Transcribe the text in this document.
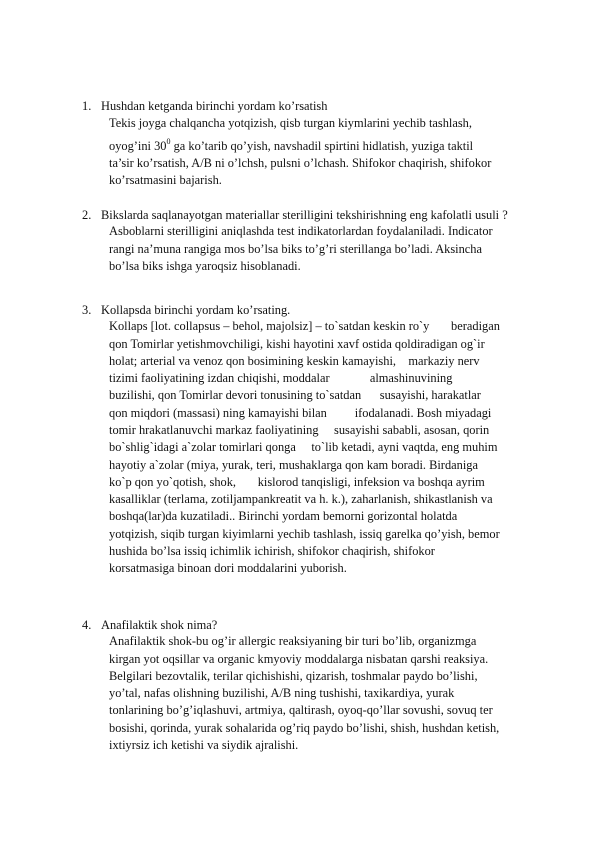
1. Hushdan ketganda birinchi yordam ko’rsatish

Tekis joyga chalqancha yotqizish, qisb turgan kiymlarini yechib tashlash,

oyog’ini $30^0$ ga ko’tarib qo’yish, navshadil spirtini hidlatish, yuziga taktil

ta’sir ko’rsatish, A/B ni o’lchsh, pulsni o’lchash. Shifokor chaqirish, shifokor

ko’rsatmasini bajarish.

2. Bikslarda saqlanayotgan materiallar sterilligini tekshirishning eng kafolatli usuli ?

Asboblarni sterilligini aniqlashda test indikatorlardan foydalaniladi. Indicator

rangi na’muna rangiga mos bo’lsa biks to’g’ri sterillanga bo’ladi. Aksincha

bo’lsa biks ishga yaroqsiz hisoblanadi.

3. Kollapsda birinchi yordam ko’rsating.

Kollaps [lot. collapsus – behol, majolsiz] – to`satdan keskin ro`y       beradigan

qon Tomirlar yetishmovchiligi, kishi hayotini xavf ostida qoldiradigan og`ir

holat; arterial va venoz qon bosimining keskin kamayishi,    markaziy nerv

tizimi faoliyatining izdan chiqishi, moddalar             almashinuvining

buzilishi, qon Tomirlar devori tonusining to`satdan      susayishi, harakatlar

qon miqdori (massasi) ning kamayishi bilan         ifodalanadi. Bosh miyadagi

tomir hrakatlanuvchi markaz faoliyatining     susayishi sababli, asosan, qorin

bo`shlig`idagi a`zolar tomirlari qonga     to`lib ketadi, ayni vaqtda, eng muhim

hayotiy a`zolar (miya, yurak, teri, mushaklarga qon kam boradi. Birdaniga

ko`p qon yo`qotish, shok,       kislorod tanqisligi, infeksion va boshqa ayrim

kasalliklar (terlama, zotiljampankreatit va h. k.), zaharlanish, shikastlanish va

boshqa(lar)da kuzatiladi.. Birinchi yordam bemorni gorizontal holatda

yotqizish, siqib turgan kiyimlarni yechib tashlash, issiq garelka qo’yish, bemor

hushida bo’lsa issiq ichimlik ichirish, shifokor chaqirish, shifokor

korsatmasiga binoan dori moddalarini yuborish.

4. Anafilaktik shok nima?

Anafilaktik shok-bu og’ir allergic reaksiyaning bir turi bo’lib, organizmga

kirgan yot oqsillar va organic kmyoviy moddalarga nisbatan qarshi reaksiya.

Belgilari bezovtalik, terilar qichishishi, qizarish, toshmalar paydo bo’lishi,

yo’tal, nafas olishning buzilishi, A/B ning tushishi, taxikardiya, yurak

tonlarining bo’g’iqlashuvi, artmiya, qaltirash, oyoq-qo’llar sovushi, sovuq ter

bosishi, qorinda, yurak sohalarida og’riq paydo bo’lishi, shish, hushdan ketish,

ixtiyrsiz ich ketishi va siydik ajralishi.
